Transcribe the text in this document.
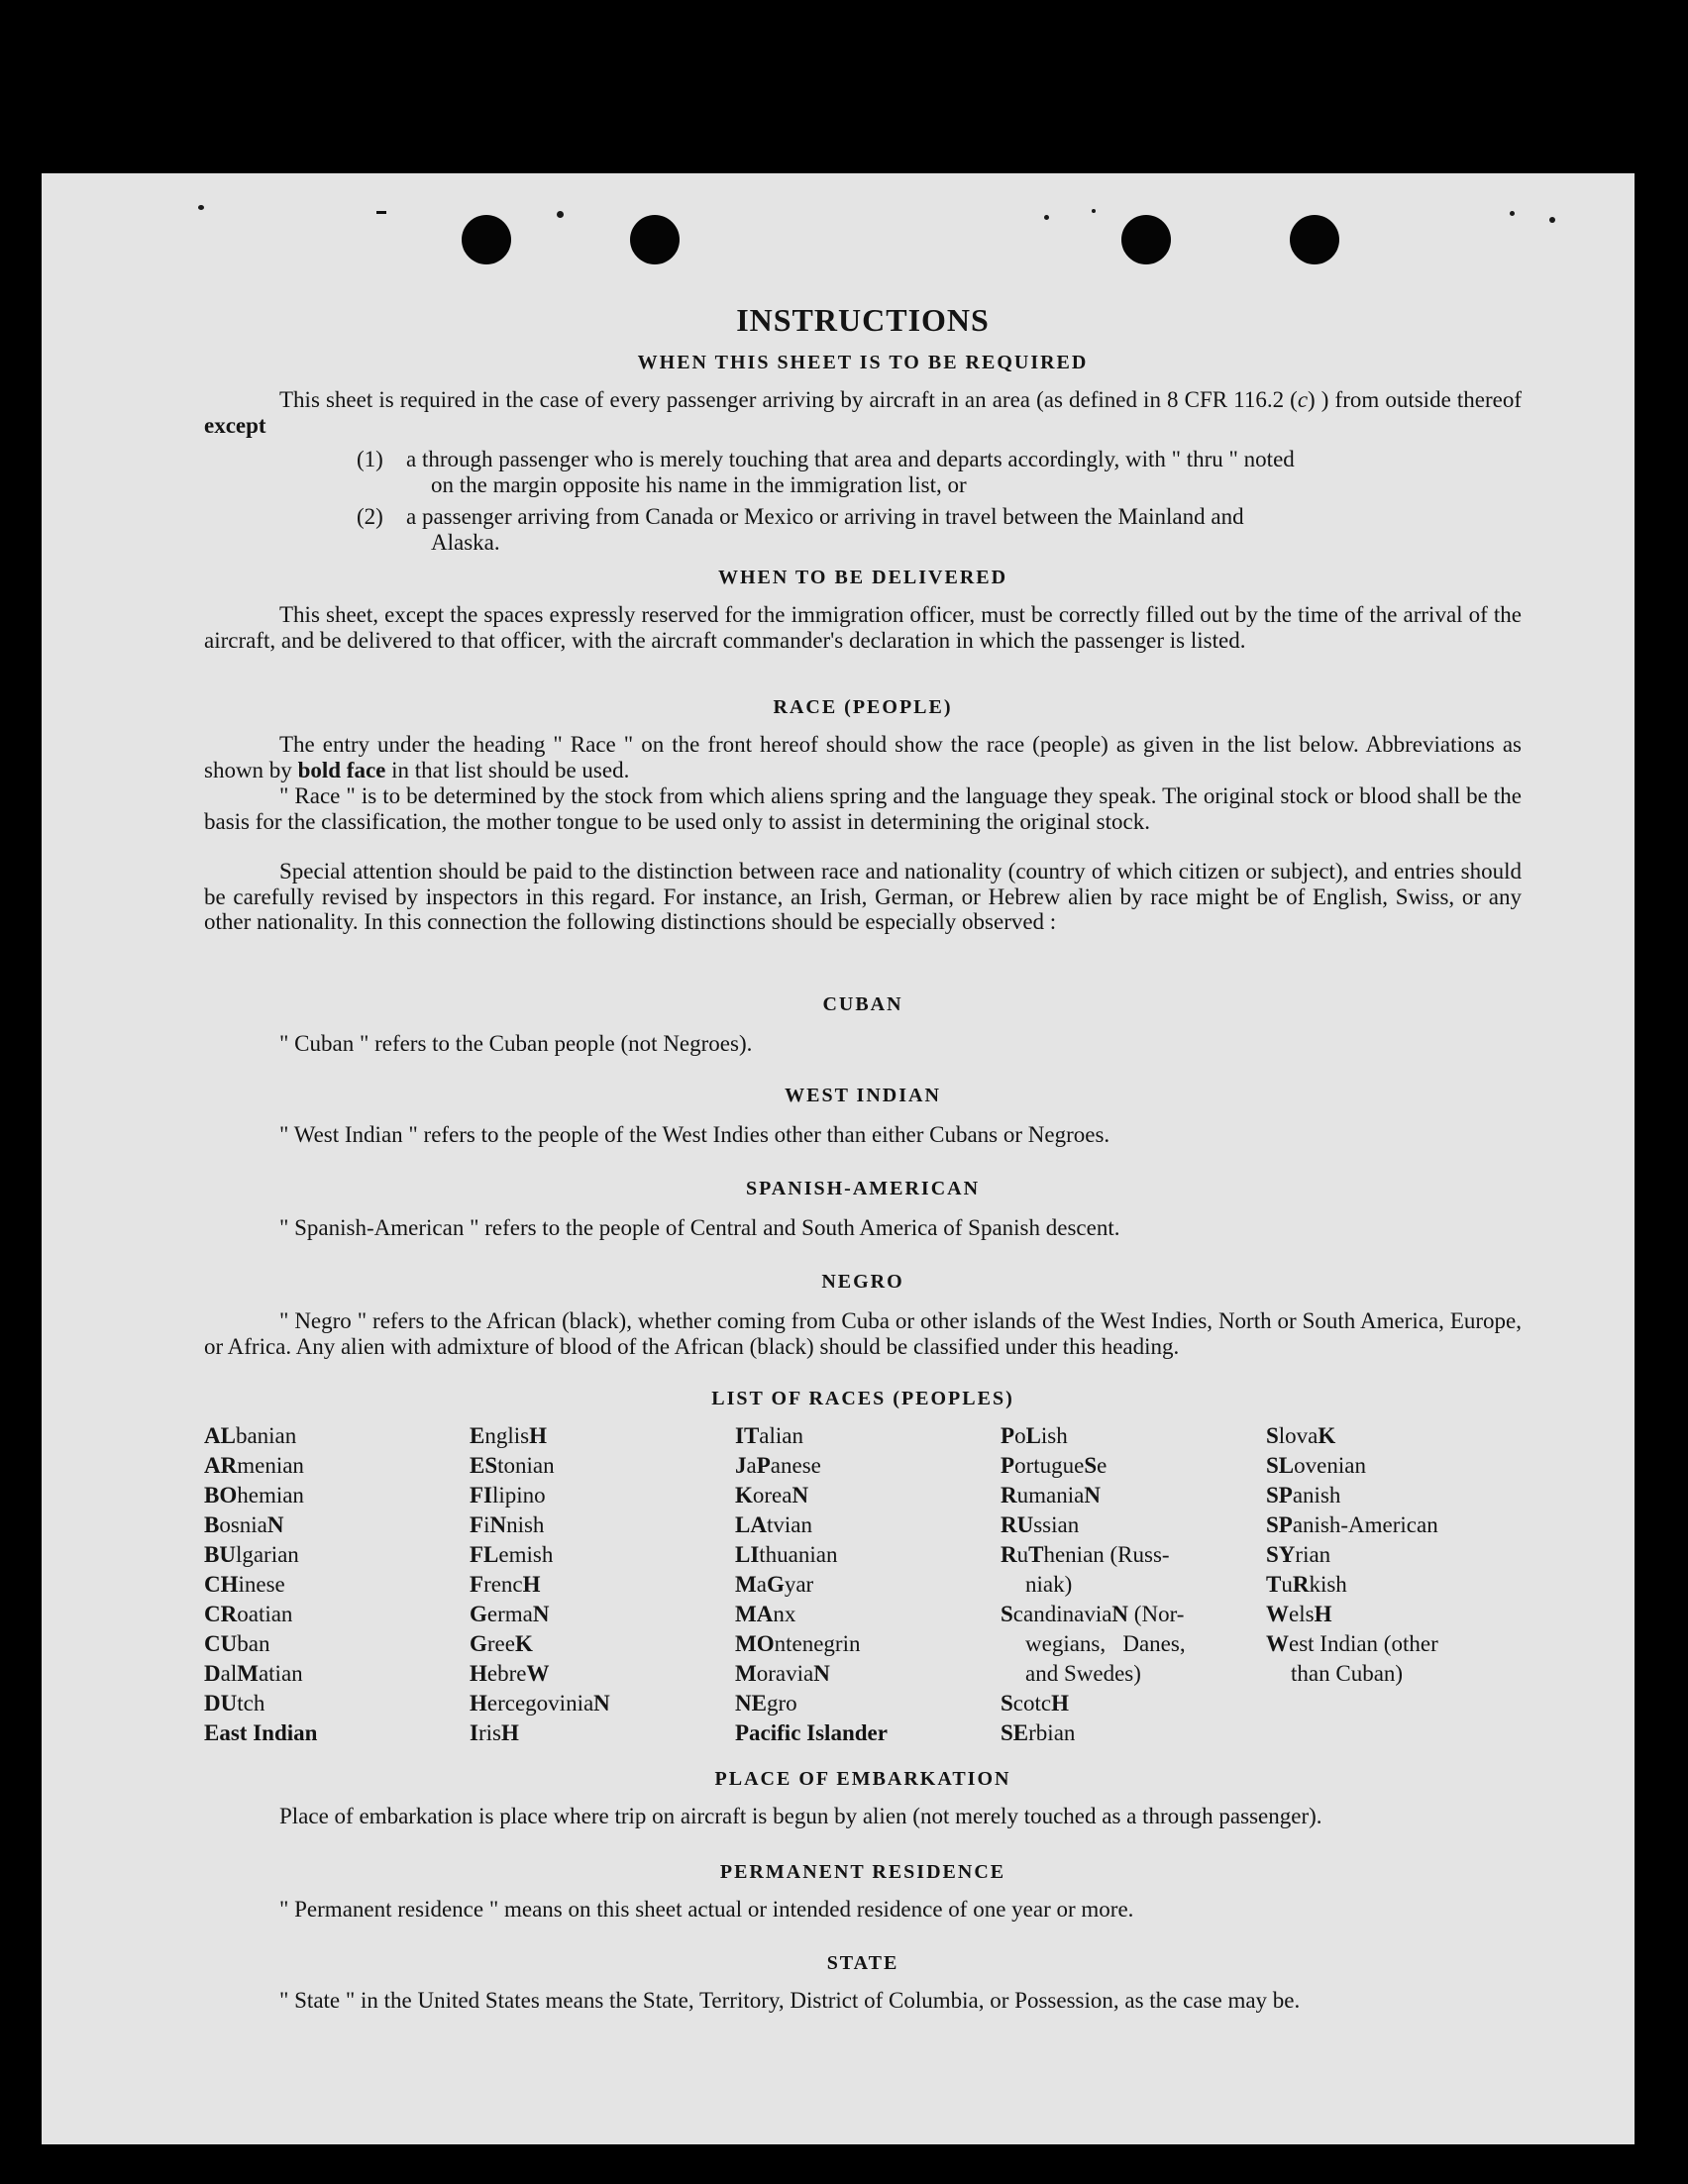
INSTRUCTIONS
WHEN THIS SHEET IS TO BE REQUIRED
This sheet is required in the case of every passenger arriving by aircraft in an area (as defined in 8 CFR 116.2 (c) ) from outside thereof except
(1) a through passenger who is merely touching that area and departs accordingly, with " thru " noted
on the margin opposite his name in the immigration list, or
(2) a passenger arriving from Canada or Mexico or arriving in travel between the Mainland and
Alaska.
WHEN TO BE DELIVERED
This sheet, except the spaces expressly reserved for the immigration officer, must be correctly filled out by the time of the arrival of the aircraft, and be delivered to that officer, with the aircraft commander's declaration in which the passenger is listed.
RACE (PEOPLE)
The entry under the heading " Race " on the front hereof should show the race (people) as given in the list below. Abbreviations as shown by bold face in that list should be used.
" Race " is to be determined by the stock from which aliens spring and the language they speak. The original stock or blood shall be the basis for the classification, the mother tongue to be used only to assist in determining the original stock.
Special attention should be paid to the distinction between race and nationality (country of which citizen or subject), and entries should be carefully revised by inspectors in this regard. For instance, an Irish, German, or Hebrew alien by race might be of English, Swiss, or any other nationality. In this connection the following distinctions should be especially observed :
CUBAN
" Cuban " refers to the Cuban people (not Negroes).
WEST INDIAN
" West Indian " refers to the people of the West Indies other than either Cubans or Negroes.
SPANISH-AMERICAN
" Spanish-American " refers to the people of Central and South America of Spanish descent.
NEGRO
" Negro " refers to the African (black), whether coming from Cuba or other islands of the West Indies, North or South America, Europe, or Africa. Any alien with admixture of blood of the African (black) should be classified under this heading.
LIST OF RACES (PEOPLES)
ALbanian
ARmenian
BOhemian
BosniaN
BUlgarian
CHinese
CRoatian
CUban
DalMatian
DUtch
East Indian
EnglisH
EStonian
FIlipino
FiNnish
FLemish
FrencH
GermaN
GreeK
HebreW
HercegoviniaN
IrisH
ITalian
JaPanese
KoreaN
LAtvian
LIthuanian
MaGyar
MAnx
MOntenegrin
MoraviaN
NEgro
Pacific Islander
PoLish
PortugueSe
RumaniaN
RUssian
RuThenian (Russ-
niak)
ScandinaviaN (Nor-
wegians,   Danes,
and Swedes)
ScotcH
SErbian
SlovaK
SLovenian
SPanish
SPanish-American
SYrian
TuRkish
WelsH
West Indian (other
than Cuban)
PLACE OF EMBARKATION
Place of embarkation is place where trip on aircraft is begun by alien (not merely touched as a through passenger).
PERMANENT RESIDENCE
" Permanent residence " means on this sheet actual or intended residence of one year or more.
STATE
" State " in the United States means the State, Territory, District of Columbia, or Possession, as the case may be.
